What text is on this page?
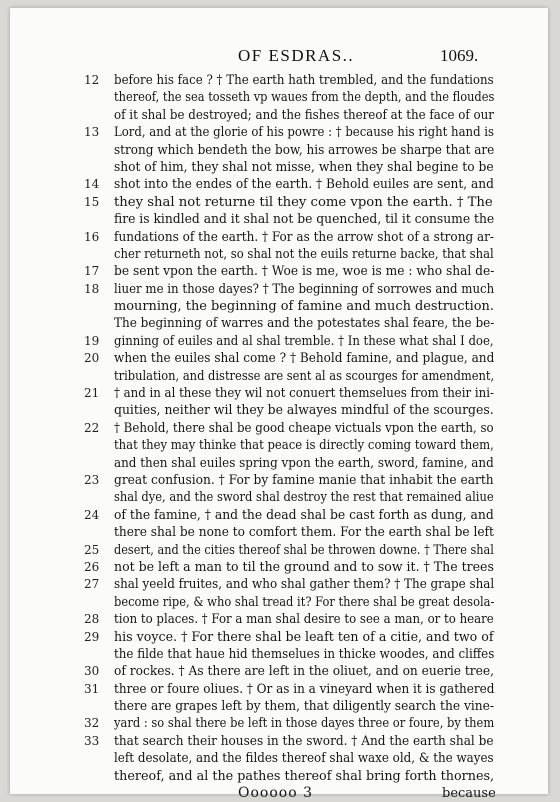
OF ESDRAS..	1069.
12	before his face ? † The earth hath trembled, and the fundations
thereof, the sea tosseth vp waues from the depth, and the floudes
of it shal be destroyed; and the fishes thereof at the face of our
13	Lord, and at the glorie of his powre : † because his right hand is
strong which bendeth the bow, his arrowes be sharpe that are
shot of him, they shal not misse, when they shal begine to be
14	shot into the endes of the earth. † Behold euiles are sent, and
15	they shal not returne til they come vpon the earth. † The
fire is kindled and it shal not be quenched, til it consume the
16	fundations of the earth. † For as the arrow shot of a strong ar-
cher returneth not, so shal not the euils returne backe, that shal
17	be sent vpon the earth. † Woe is me, woe is me : who shal de-
18	liuer me in those dayes? † The beginning of sorrowes and much
mourning, the beginning of famine and much destruction.
The beginning of warres and the potestates shal feare, the be-
19	ginning of euiles and al shal tremble. † In these what shal I doe,
20	when the euiles shal come ? † Behold famine, and plague, and
tribulation, and distresse are sent al as scourges for amendment,
21	† and in al these they wil not conuert themselues from their ini-
quities, neither wil they be alwayes mindful of the scourges.
22	† Behold, there shal be good cheape victuals vpon the earth, so
that they may thinke that peace is directly coming toward them,
and then shal euiles spring vpon the earth, sword, famine, and
23	great confusion. † For by famine manie that inhabit the earth
shal dye, and the sword shal destroy the rest that remained aliue
24	of the famine, † and the dead shal be cast forth as dung, and
there shal be none to comfort them. For the earth shal be left
25	desert, and the cities thereof shal be throwen downe. † There shal
26	not be left a man to til the ground and to sow it. † The trees
27	shal yeeld fruites, and who shal gather them? † The grape shal
become ripe, & who shal tread it? For there shal be great desola-
28	tion to places. † For a man shal desire to see a man, or to heare
29	his voyce. † For there shal be leaft ten of a citie, and two of
the filde that haue hid themselues in thicke woodes, and cliffes
30	of rockes. † As there are left in the oliuet, and on euerie tree,
31	three or foure oliues. † Or as in a vineyard when it is gathered
there are grapes left by them, that diligently search the vine-
32	yard : so shal there be left in those dayes three or foure, by them
33	that search their houses in the sword. † And the earth shal be
left desolate, and the fildes thereof shal waxe old, & the wayes
thereof, and al the pathes thereof shal bring forth thornes,
Oooooo 3	because
